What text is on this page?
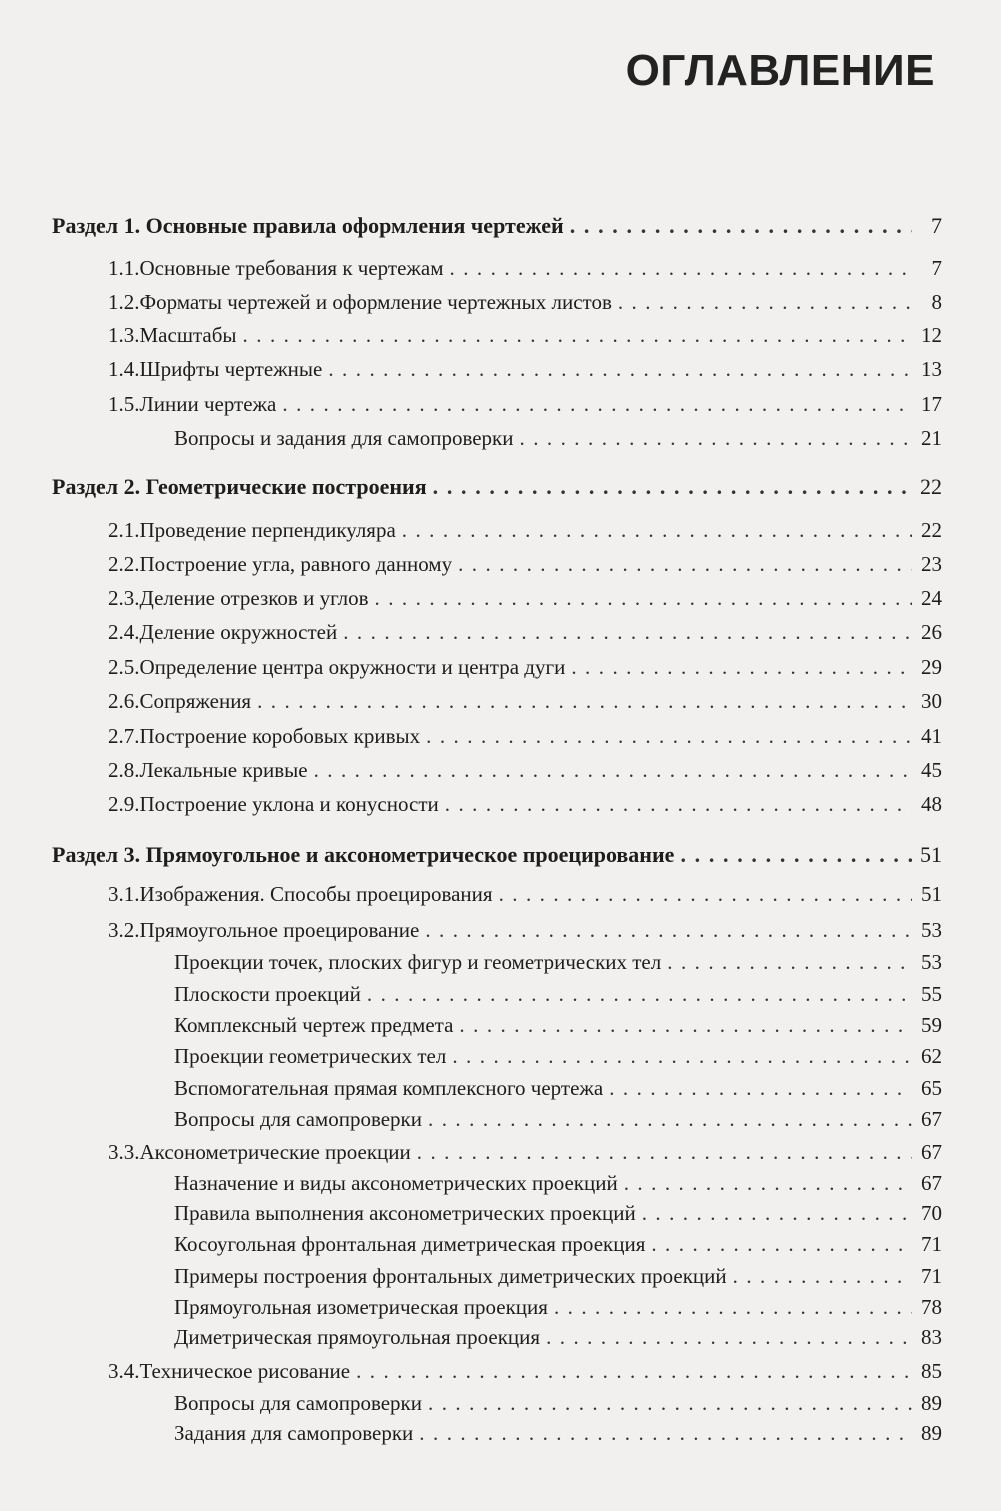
ОГЛАВЛЕНИЕ
Раздел 1. Основные правила оформления чертежей . . .	7
1.1. Основные требования к чертежам . . .	7
1.2. Форматы чертежей и оформление чертежных листов . . .	8
1.3. Масштабы . . .	12
1.4. Шрифты чертежные . . .	13
1.5. Линии чертежа . . .	17
Вопросы и задания для самопроверки . . .	21
Раздел 2. Геометрические построения . . .	22
2.1. Проведение перпендикуляра . . .	22
2.2. Построение угла, равного данному . . .	23
2.3. Деление отрезков и углов . . .	24
2.4. Деление окружностей . . .	26
2.5. Определение центра окружности и центра дуги . . .	29
2.6. Сопряжения . . .	30
2.7. Построение коробовых кривых . . .	41
2.8. Лекальные кривые . . .	45
2.9. Построение уклона и конусности . . .	48
Раздел 3. Прямоугольное и аксонометрическое проецирование . . .	51
3.1. Изображения. Способы проецирования . . .	51
3.2. Прямоугольное проецирование . . .	53
Проекции точек, плоских фигур и геометрических тел . . .	53
Плоскости проекций . . .	55
Комплексный чертеж предмета . . .	59
Проекции геометрических тел . . .	62
Вспомогательная прямая комплексного чертежа . . .	65
Вопросы для самопроверки . . .	67
3.3. Аксонометрические проекции . . .	67
Назначение и виды аксонометрических проекций . . .	67
Правила выполнения аксонометрических проекций . . .	70
Косоугольная фронтальная диметрическая проекция . . .	71
Примеры построения фронтальных диметрических проекций . . .	71
Прямоугольная изометрическая проекция . . .	78
Диметрическая прямоугольная проекция . . .	83
3.4. Техническое рисование . . .	85
Вопросы для самопроверки . . .	89
Задания для самопроверки . . .	89
